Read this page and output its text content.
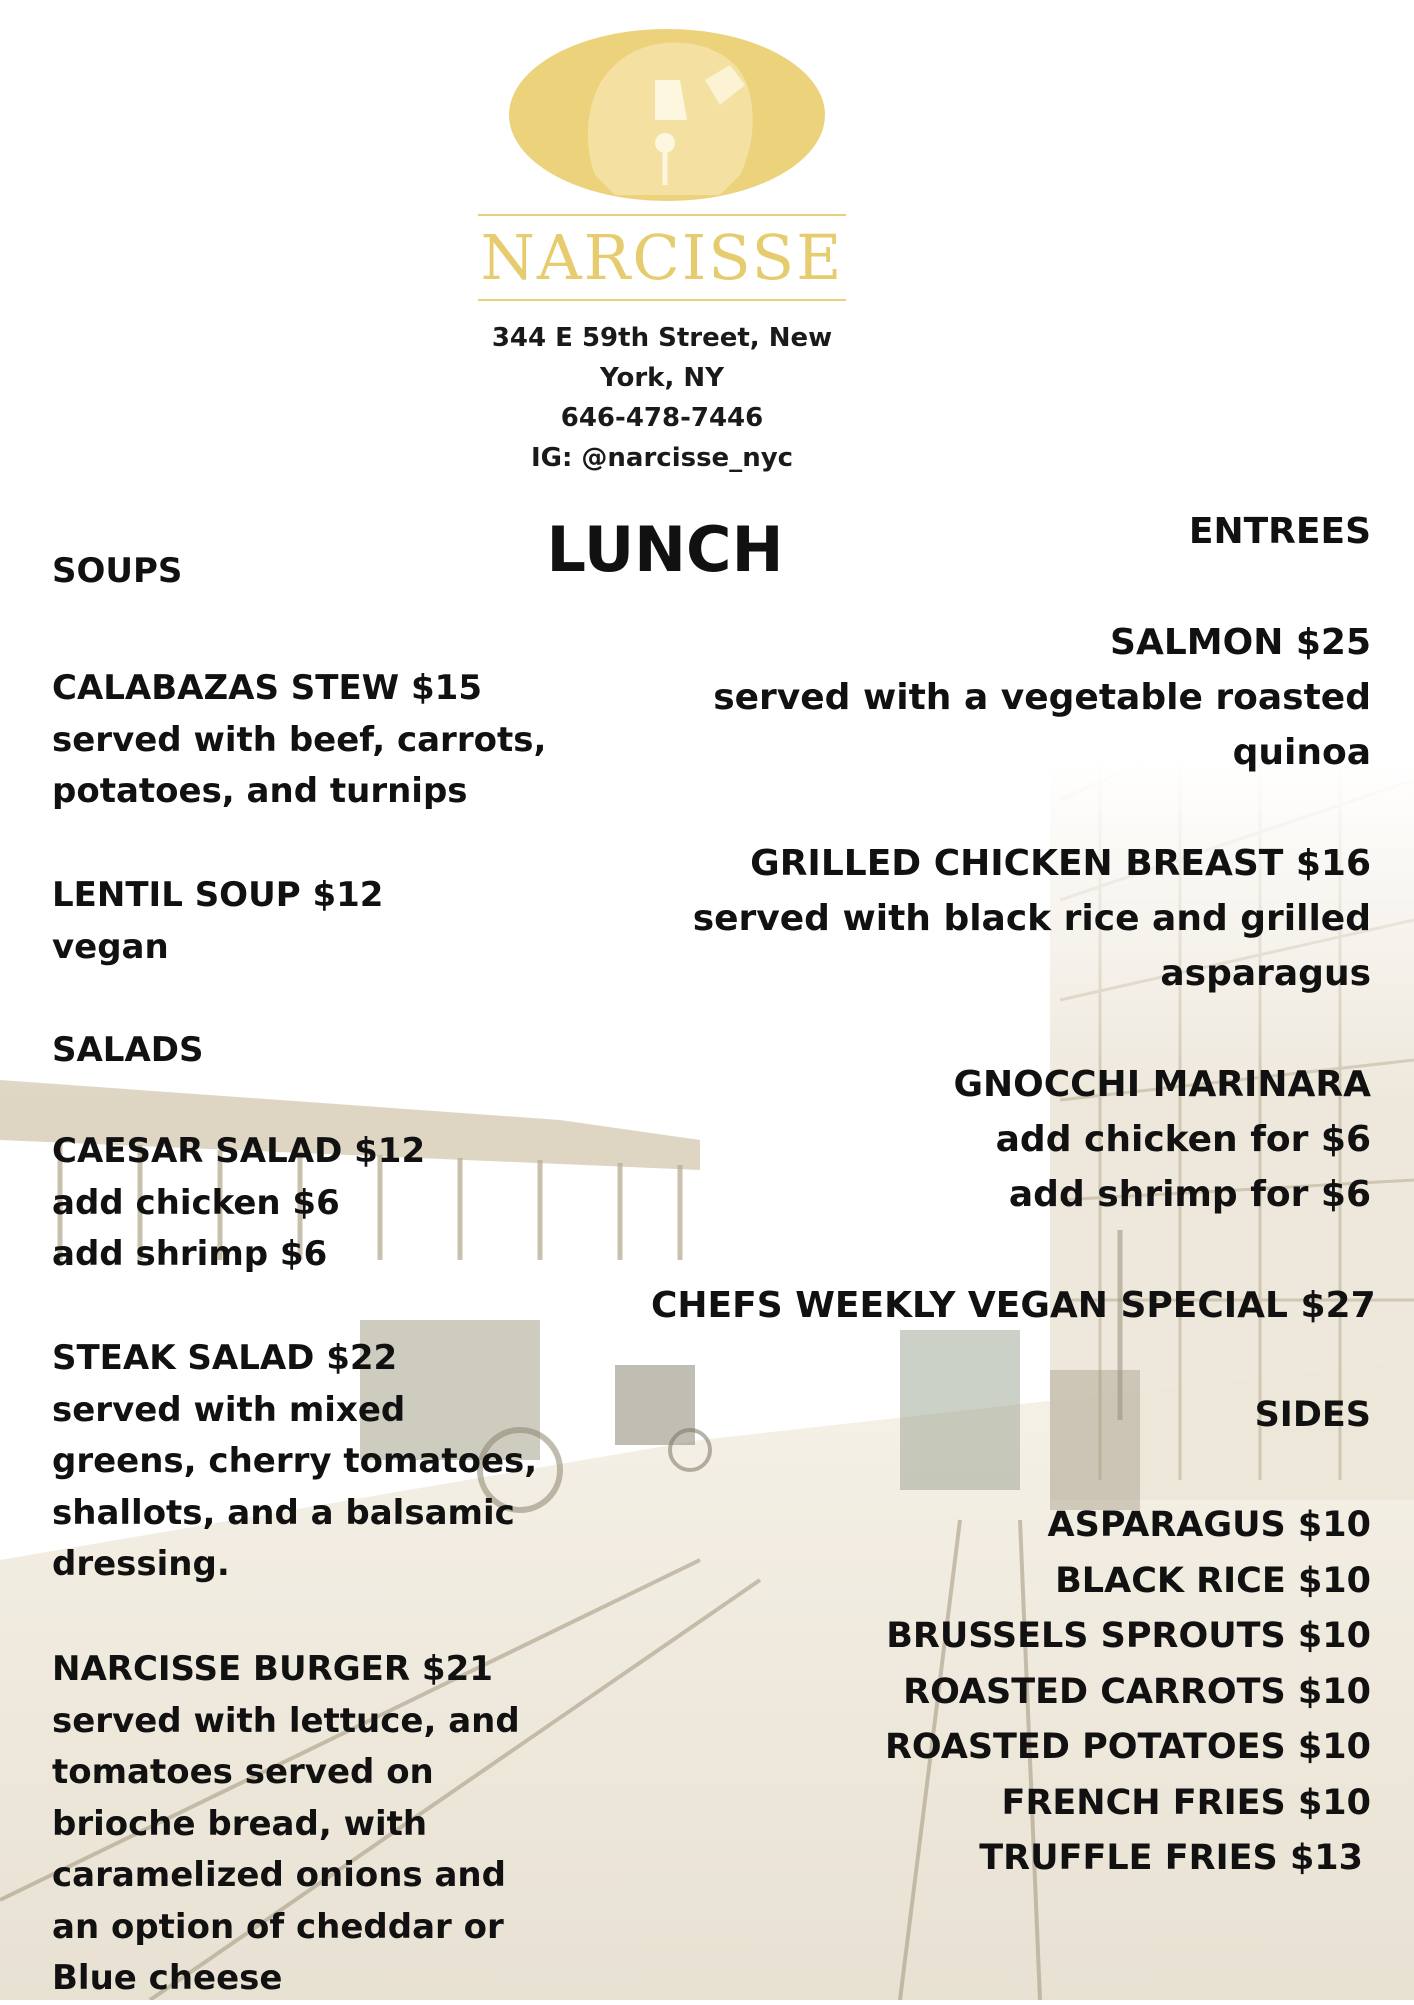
NARCISSE
344 E 59th Street, New
York, NY
646-478-7446
IG: @narcisse_nyc
LUNCH
SOUPS
CALABAZAS STEW $15
served with beef, carrots,
potatoes, and turnips
LENTIL SOUP $12
vegan
SALADS
CAESAR SALAD $12
add chicken $6
add shrimp $6
STEAK SALAD $22
served with mixed
greens, cherry tomatoes,
shallots, and a balsamic
dressing.
NARCISSE BURGER $21
served with lettuce, and
tomatoes served on
brioche bread, with
caramelized onions and
an option of cheddar or
Blue cheese
ENTREES
SALMON $25
served with a vegetable roasted
quinoa
GRILLED CHICKEN BREAST $16
served with black rice and grilled
asparagus
GNOCCHI MARINARA
add chicken for $6
add shrimp for $6
CHEFS WEEKLY VEGAN SPECIAL $27
SIDES
ASPARAGUS $10
BLACK RICE $10
BRUSSELS SPROUTS $10
ROASTED CARROTS $10
ROASTED POTATOES $10
FRENCH FRIES $10
TRUFFLE FRIES $13
